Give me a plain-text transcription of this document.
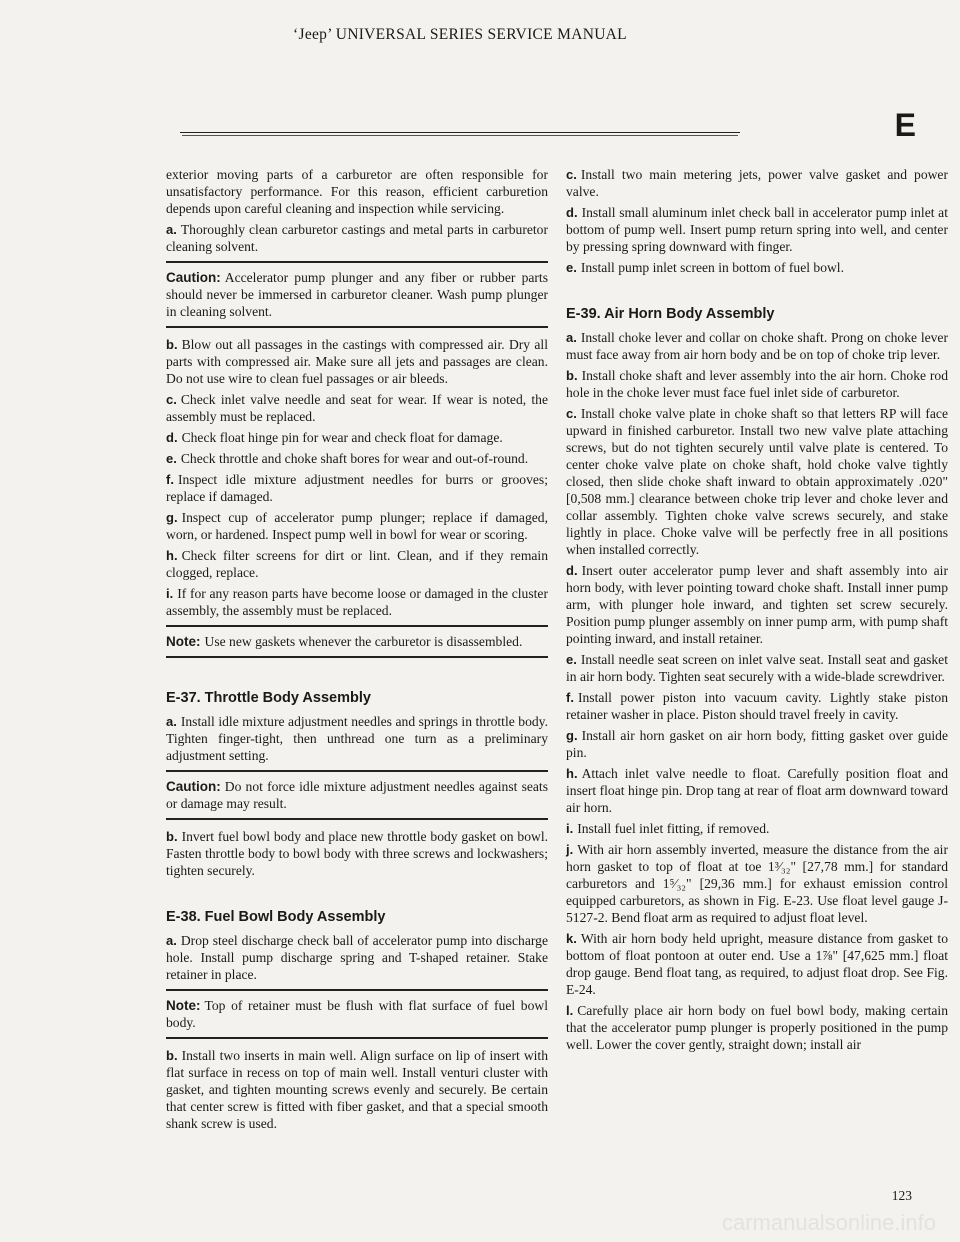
‘Jeep’ UNIVERSAL SERIES SERVICE MANUAL
E

exterior moving parts of a carburetor are often responsible for unsatisfactory performance. For this reason, efficient carburetion depends upon careful cleaning and inspection while servicing.

a. Thoroughly clean carburetor castings and metal parts in carburetor cleaning solvent.

Caution: Accelerator pump plunger and any fiber or rubber parts should never be immersed in carburetor cleaner. Wash pump plunger in cleaning solvent.

b. Blow out all passages in the castings with compressed air. Dry all parts with compressed air. Make sure all jets and passages are clean. Do not use wire to clean fuel passages or air bleeds.

c. Check inlet valve needle and seat for wear. If wear is noted, the assembly must be replaced.

d. Check float hinge pin for wear and check float for damage.

e. Check throttle and choke shaft bores for wear and out-of-round.

f. Inspect idle mixture adjustment needles for burrs or grooves; replace if damaged.

g. Inspect cup of accelerator pump plunger; replace if damaged, worn, or hardened. Inspect pump well in bowl for wear or scoring.

h. Check filter screens for dirt or lint. Clean, and if they remain clogged, replace.

i. If for any reason parts have become loose or damaged in the cluster assembly, the assembly must be replaced.

Note: Use new gaskets whenever the carburetor is disassembled.
E-37. Throttle Body Assembly

a. Install idle mixture adjustment needles and springs in throttle body. Tighten finger-tight, then unthread one turn as a preliminary adjustment setting.

Caution: Do not force idle mixture adjustment needles against seats or damage may result.

b. Invert fuel bowl body and place new throttle body gasket on bowl. Fasten throttle body to bowl body with three screws and lockwashers; tighten securely.

E-38. Fuel Bowl Body Assembly

a. Drop steel discharge check ball of accelerator pump into discharge hole. Install pump discharge spring and T-shaped retainer. Stake retainer in place.

Note: Top of retainer must be flush with flat surface of fuel bowl body.

b. Install two inserts in main well. Align surface on lip of insert with flat surface in recess on top of main well. Install venturi cluster with gasket, and tighten mounting screws evenly and securely. Be certain that center screw is fitted with fiber gasket, and that a special smooth shank screw is used.

c. Install two main metering jets, power valve gasket and power valve.

d. Install small aluminum inlet check ball in accelerator pump inlet at bottom of pump well. Insert pump return spring into well, and center by pressing spring downward with finger.

e. Install pump inlet screen in bottom of fuel bowl.

E-39. Air Horn Body Assembly

a. Install choke lever and collar on choke shaft. Prong on choke lever must face away from air horn body and be on top of choke trip lever.

b. Install choke shaft and lever assembly into the air horn. Choke rod hole in the choke lever must face fuel inlet side of carburetor.

c. Install choke valve plate in choke shaft so that letters RP will face upward in finished carburetor. Install two new valve plate attaching screws, but do not tighten securely until valve plate is centered. To center choke valve plate on choke shaft, hold choke valve tightly closed, then slide choke shaft inward to obtain approximately .020" [0,508 mm.] clearance between choke trip lever and choke lever and collar assembly. Tighten choke valve screws securely, and stake lightly in place. Choke valve will be perfectly free in all positions when installed correctly.

d. Insert outer accelerator pump lever and shaft assembly into air horn body, with lever pointing toward choke shaft. Install inner pump arm, with plunger hole inward, and tighten set screw securely. Position pump plunger assembly on inner pump arm, with pump shaft pointing inward, and install retainer.

e. Install needle seat screen on inlet valve seat. Install seat and gasket in air horn body. Tighten seat securely with a wide-blade screwdriver.

f. Install power piston into vacuum cavity. Lightly stake piston retainer washer in place. Piston should travel freely in cavity.

g. Install air horn gasket on air horn body, fitting gasket over guide pin.

h. Attach inlet valve needle to float. Carefully position float and insert float hinge pin. Drop tang at rear of float arm downward toward air horn.

i. Install fuel inlet fitting, if removed.

j. With air horn assembly inverted, measure the distance from the air horn gasket to top of float at toe 1³⁄₃₂" [27,78 mm.] for standard carburetors and 1⁵⁄₃₂" [29,36 mm.] for exhaust emission control equipped carburetors, as shown in Fig. E-23. Use float level gauge J-5127-2. Bend float arm as required to adjust float level.

k. With air horn body held upright, measure distance from gasket to bottom of float pontoon at outer end. Use a 1⅞" [47,625 mm.] float drop gauge. Bend float tang, as required, to adjust float drop. See Fig. E-24.

l. Carefully place air horn body on fuel bowl body, making certain that the accelerator pump plunger is properly positioned in the pump well. Lower the cover gently, straight down; install air

123
carmanualsonline.info
